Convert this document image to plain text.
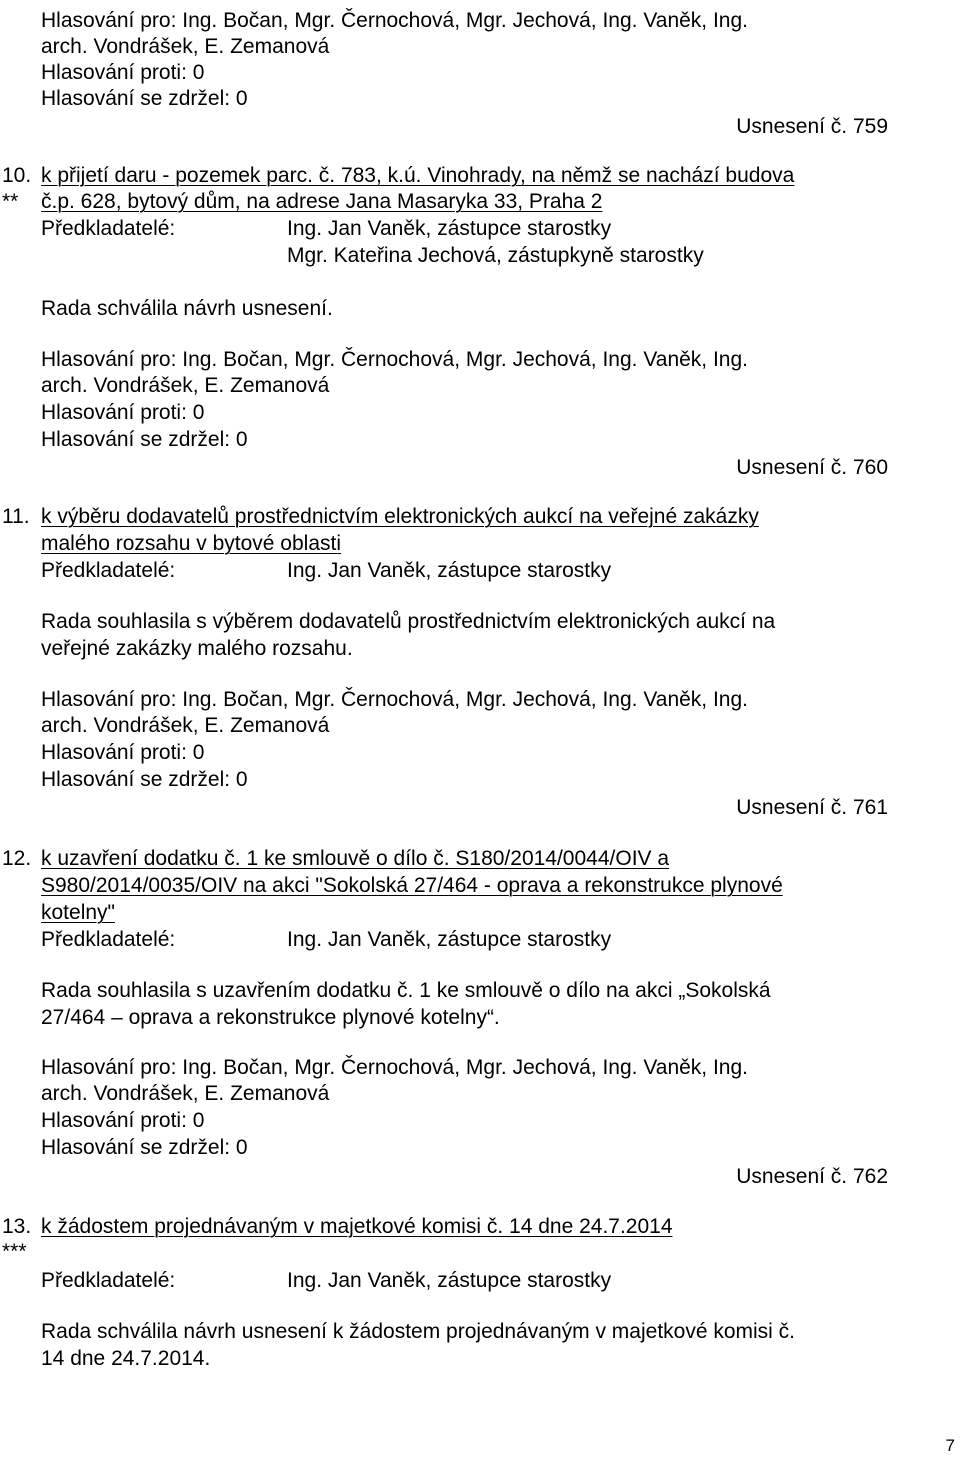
Hlasování pro: Ing. Bočan, Mgr. Černochová, Mgr. Jechová, Ing. Vaněk, Ing.
arch. Vondrášek, E. Zemanová
Hlasování proti: 0
Hlasování se zdržel: 0
Usnesení č. 759
10.
**
k přijetí daru - pozemek parc. č. 783, k.ú. Vinohrady, na němž se nachází budova
č.p. 628, bytový dům, na adrese Jana Masaryka 33, Praha 2
Předkladatelé:	Ing. Jan Vaněk, zástupce starostky
Mgr. Kateřina Jechová, zástupkyně starostky
Rada schválila návrh usnesení.
Hlasování pro: Ing. Bočan, Mgr. Černochová, Mgr. Jechová, Ing. Vaněk, Ing.
arch. Vondrášek, E. Zemanová
Hlasování proti: 0
Hlasování se zdržel: 0
Usnesení č. 760
11. k výběru dodavatelů prostřednictvím elektronických aukcí na veřejné zakázky
malého rozsahu v bytové oblasti
Předkladatelé:	Ing. Jan Vaněk, zástupce starostky
Rada souhlasila s výběrem dodavatelů prostřednictvím elektronických aukcí na
veřejné zakázky malého rozsahu.
Hlasování pro: Ing. Bočan, Mgr. Černochová, Mgr. Jechová, Ing. Vaněk, Ing.
arch. Vondrášek, E. Zemanová
Hlasování proti: 0
Hlasování se zdržel: 0
Usnesení č. 761
12. k uzavření dodatku č. 1 ke smlouvě o dílo č. S180/2014/0044/OIV a
S980/2014/0035/OIV na akci "Sokolská 27/464 - oprava a rekonstrukce plynové
kotelny"
Předkladatelé:	Ing. Jan Vaněk, zástupce starostky
Rada souhlasila s uzavřením dodatku č. 1 ke smlouvě o dílo na akci „Sokolská
27/464 – oprava a rekonstrukce plynové kotelny“.
Hlasování pro: Ing. Bočan, Mgr. Černochová, Mgr. Jechová, Ing. Vaněk, Ing.
arch. Vondrášek, E. Zemanová
Hlasování proti: 0
Hlasování se zdržel: 0
Usnesení č. 762
13.
***
k žádostem projednávaným v majetkové komisi č. 14 dne 24.7.2014
Předkladatelé:	Ing. Jan Vaněk, zástupce starostky
Rada schválila návrh usnesení k žádostem projednávaným v majetkové komisi č.
14 dne 24.7.2014.
7
